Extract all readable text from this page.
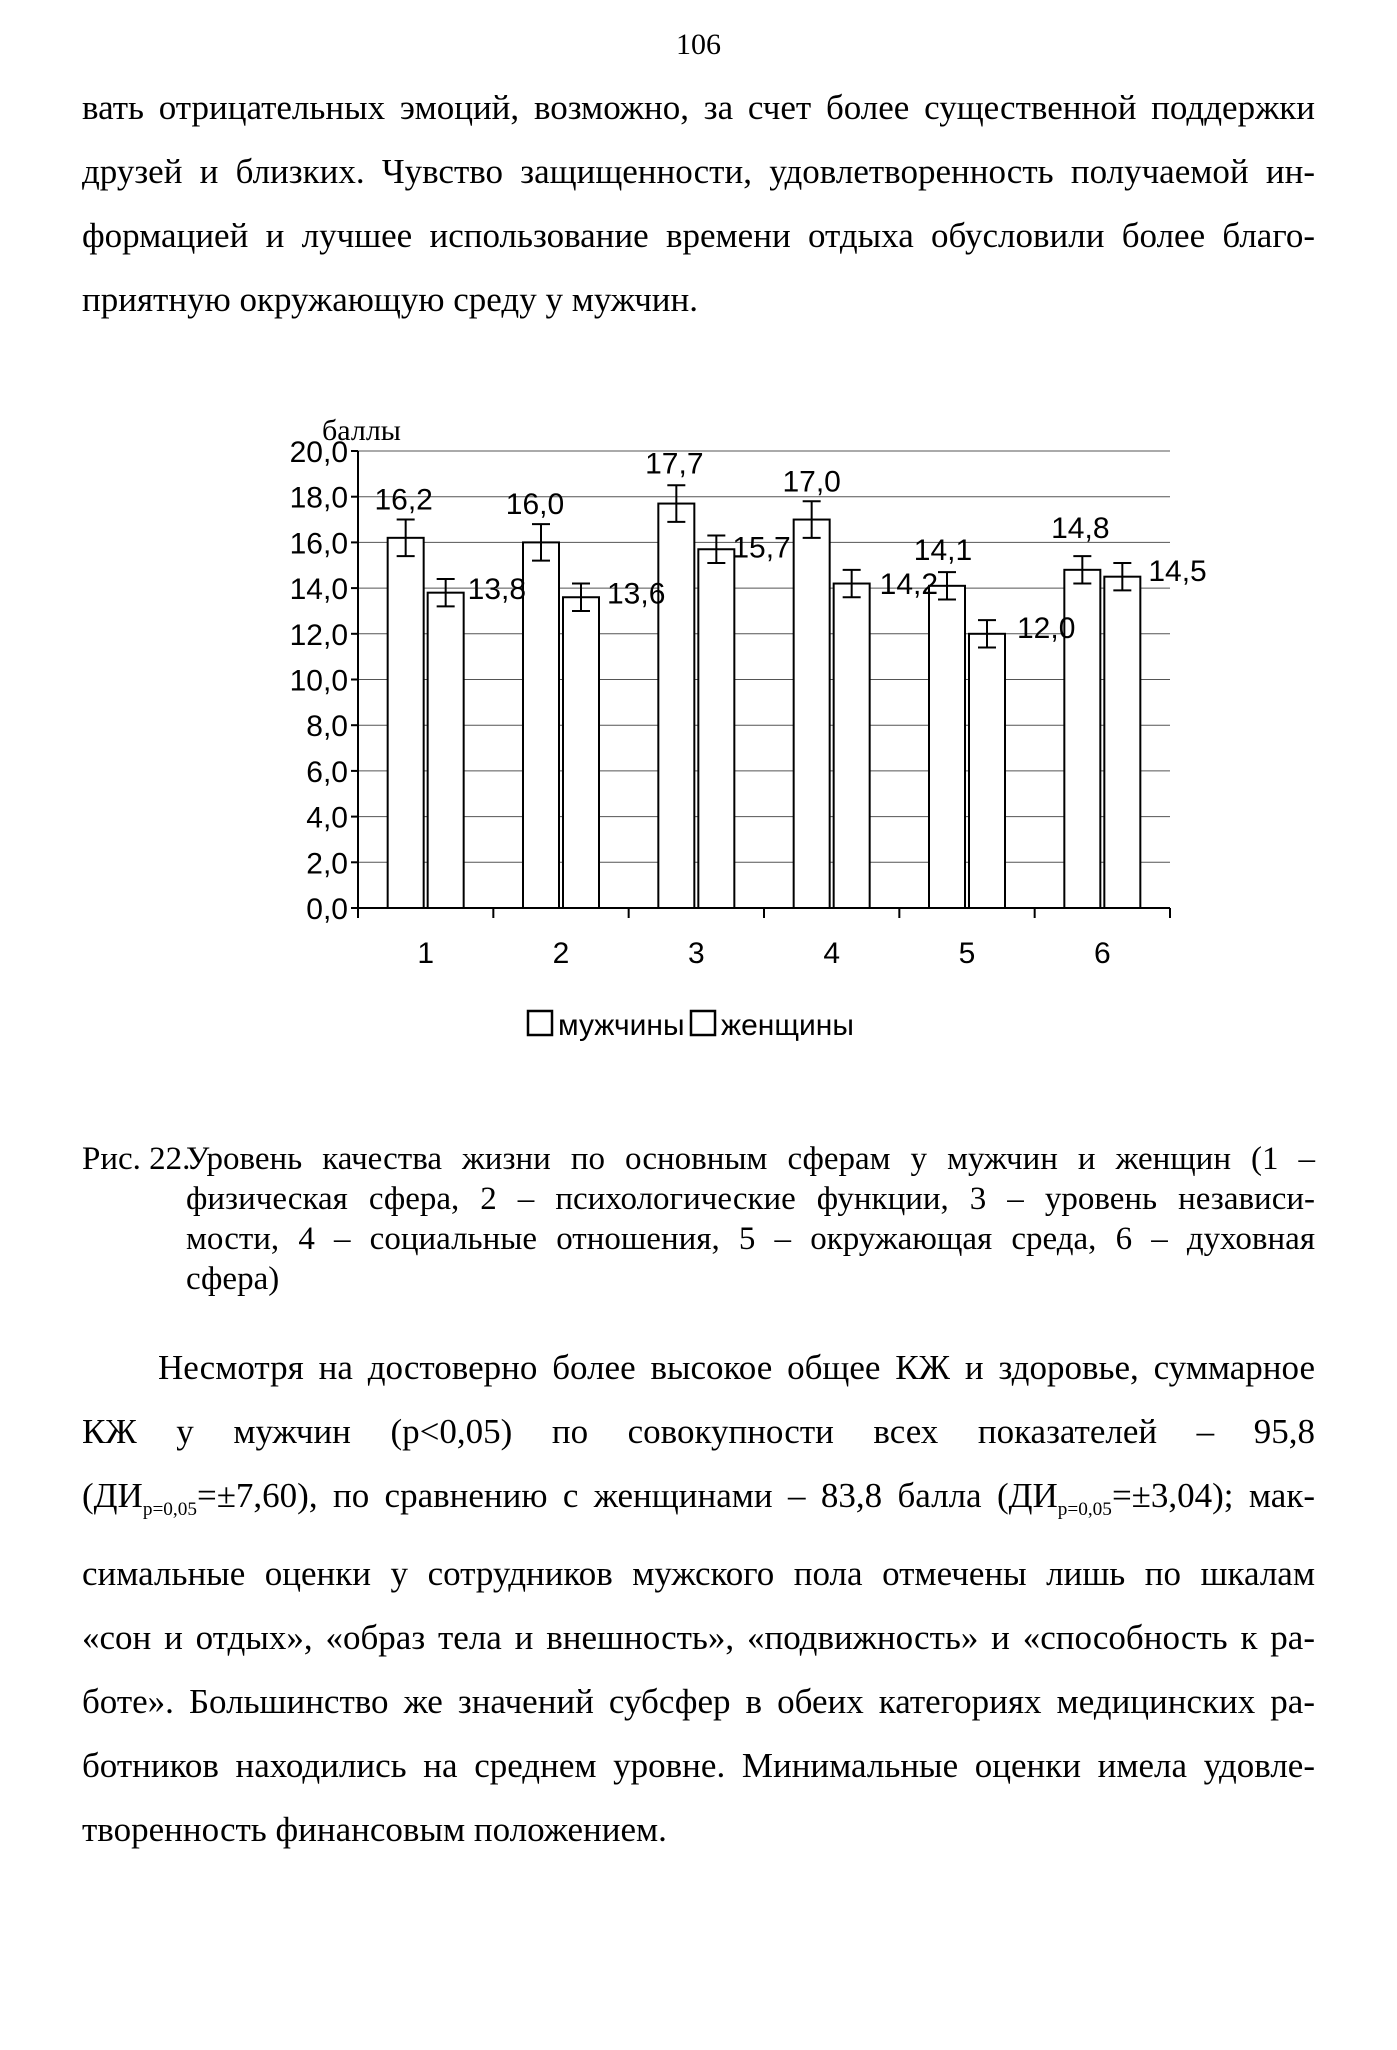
106

вать отрицательных эмоций, возможно, за счет более существенной поддержки
друзей и близких. Чувство защищенности, удовлетворенность получаемой ин-
формацией и лучшее использование времени отдыха обусловили более благо-
приятную окружающую среду у мужчин.

16,2
13,8
16,0
13,6
17,7
15,7
17,0
14,2
14,1
12,0
14,8
14,5
0,0
2,0
4,0
6,0
8,0
10,0
12,0
14,0
16,0
18,0
20,0
1	2	3	4	5	6
баллы
мужчины женщины
Рис. 22.
Уровень качества жизни по основным сферам у мужчин и женщин (1 –
физическая сфера, 2 – психологические функции, 3 – уровень независи-
мости, 4 – социальные отношения, 5 – окружающая среда, 6 – духовная
сфера)
Несмотря на достоверно более высокое общее КЖ и здоровье, суммарное
КЖ у мужчин (р<0,05) по совокупности всех показателей – 95,8
$(ДИ_{р=0,05}=\pm 7,60)$, по сравнению с женщинами – 83,8 балла $(ДИ_{р=0,05}=\pm 3,04)$; мак-
симальные оценки у сотрудников мужского пола отмечены лишь по шкалам
«сон и отдых», «образ тела и внешность», «подвижность» и «способность к ра-
боте». Большинство же значений субсфер в обеих категориях медицинских ра-
ботников находились на среднем уровне. Минимальные оценки имела удовле-
творенность финансовым положением.
